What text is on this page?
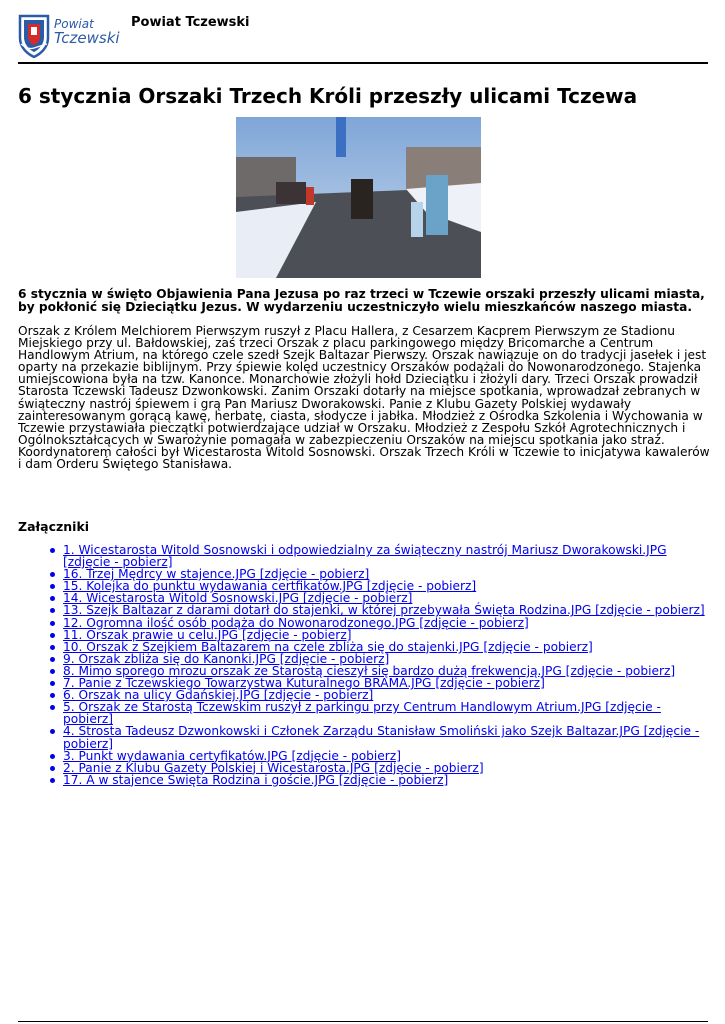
Powiat
Tczewski
Powiat Tczewski
6 stycznia Orszaki Trzech Króli przeszły ulicami Tczewa

6 stycznia w święto Objawienia Pana Jezusa po raz trzeci w Tczewie orszaki przeszły ulicami miasta, by pokłonić się Dzieciątku Jezus. W wydarzeniu uczestniczyło wielu mieszkańców naszego miasta.

Orszak z Królem Melchiorem Pierwszym ruszył z Placu Hallera, z Cesarzem Kacprem Pierwszym ze Stadionu Miejskiego przy ul. Bałdowskiej, zaś trzeci Orszak z placu parkingowego między Bricomarche a Centrum Handlowym Atrium, na którego czele szedł Szejk Baltazar Pierwszy. Orszak nawiązuje on do tradycji jasełek i jest oparty na przekazie biblijnym. Przy śpiewie kolęd uczestnicy Orszaków podążali do Nowonarodzonego. Stajenka umiejscowiona była na tzw. Kanonce. Monarchowie złożyli hołd Dzieciątku i złożyli dary. Trzeci Orszak prowadził Starosta Tczewski Tadeusz Dzwonkowski. Zanim Orszaki dotarły na miejsce spotkania, wprowadzał zebranych w świąteczny nastrój śpiewem i grą Pan Mariusz Dworakowski. Panie z Klubu Gazety Polskiej wydawały zainteresowanym gorącą kawę, herbatę, ciasta, słodycze i jabłka. Młodzież z Ośrodka Szkolenia i Wychowania w Tczewie przystawiała pieczątki potwierdzające udział w Orszaku. Młodzież z Zespołu Szkół Agrotechnicznych i Ogólnokształcących w Swarożynie pomagała w zabezpieczeniu Orszaków na miejscu spotkania jako straż. Koordynatorem całości był Wicestarosta Witold Sosnowski. Orszak Trzech Króli w Tczewie to inicjatywa kawalerów i dam Orderu Świętego Stanisława.

Załączniki
1. Wicestarosta Witold Sosnowski i odpowiedzialny za świąteczny nastrój Mariusz Dworakowski.JPG [zdjęcie - pobierz]
16. Trzej Mędrcy w stajence.JPG [zdjęcie - pobierz]
15. Kolejka do punktu wydawania certfikatów.JPG [zdjęcie - pobierz]
14. Wicestarosta Witold Sosnowski.JPG [zdjęcie - pobierz]
13. Szejk Baltazar z darami dotarł do stajenki, w której przebywała Święta Rodzina.JPG [zdjęcie - pobierz]
12. Ogromna ilość osób podąża do Nowonarodzonego.JPG [zdjęcie - pobierz]
11. Orszak prawie u celu.JPG [zdjęcie - pobierz]
10. Orszak z Szejkiem Baltazarem na czele zbliża się do stajenki.JPG [zdjęcie - pobierz]
9. Orszak zbliża się do Kanonki.JPG [zdjęcie - pobierz]
8. Mimo sporego mrozu orszak ze Starostą cieszył się bardzo dużą frekwencją.JPG [zdjęcie - pobierz]
7. Panie z Tczewskiego Towarzystwa Kuturalnego BRAMA.JPG [zdjęcie - pobierz]
6. Orszak na ulicy Gdańskiej.JPG [zdjęcie - pobierz]
5. Orszak ze Starostą Tczewskim ruszył z parkingu przy Centrum Handlowym Atrium.JPG [zdjęcie - pobierz]
4. Strosta Tadeusz Dzwonkowski i Członek Zarządu Stanisław Smoliński jako Szejk Baltazar.JPG [zdjęcie - pobierz]
3. Punkt wydawania certyfikatów.JPG [zdjęcie - pobierz]
2. Panie z Klubu Gazety Polskiej i Wicestarosta.JPG [zdjęcie - pobierz]
17. A w stajence Święta Rodzina i goście.JPG [zdjęcie - pobierz]
